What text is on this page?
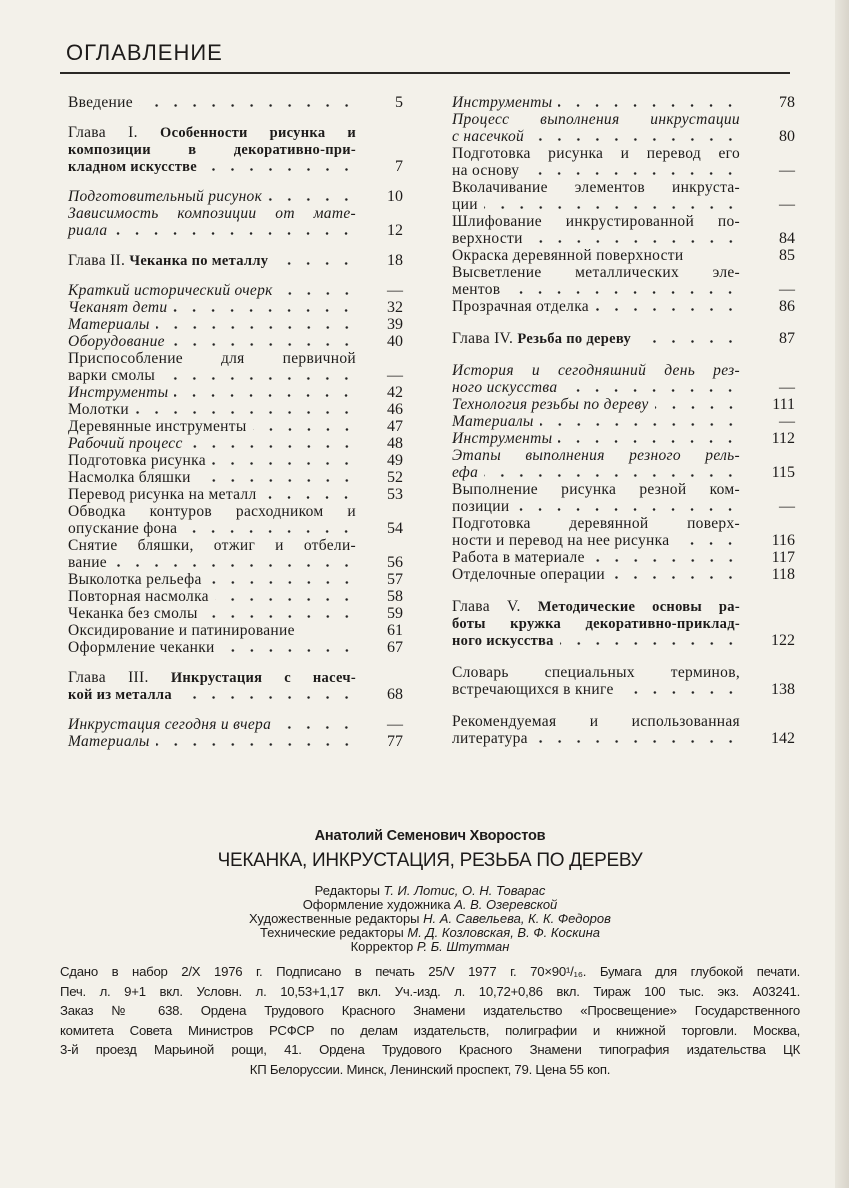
ОГЛАВЛЕНИЕ
Введение	5
Глава I. Особенности рисунка и
композиции в декоративно-при-
кладном искусстве	7
Подготовительный рисунок	10
Зависимость композиции от мате-
риала	12
Глава II. Чеканка по металлу	18
Краткий исторический очерк	—
Чеканят дети	32
Материалы	39
Оборудование	40
Приспособление для первичной
варки смолы	—
Инструменты	42
Молотки	46
Деревянные инструменты	47
Рабочий процесс	48
Подготовка рисунка	49
Насмолка бляшки	52
Перевод рисунка на металл	53
Обводка контуров расходником и
опускание фона	54
Снятие бляшки, отжиг и отбели-
вание	56
Выколотка рельефа	57
Повторная насмолка	58
Чеканка без смолы	59
Оксидирование и патинирование	61
Оформление чеканки	67
Глава III. Инкрустация с насеч-
кой из металла	68
Инкрустация сегодня и вчера	—
Материалы	77
Инструменты	78
Процесс выполнения инкрустации
с насечкой	80
Подготовка рисунка и перевод его
на основу	—
Вколачивание элементов инкруста-
ции	—
Шлифование инкрустированной по-
верхности	84
Окраска деревянной поверхности	85
Высветление металлических эле-
ментов	—
Прозрачная отделка	86
Глава IV. Резьба по дереву	87
История и сегодняшний день рез-
ного искусства	—
Технология резьбы по дереву	111
Материалы	—
Инструменты	112
Этапы выполнения резного рель-
ефа	115
Выполнение рисунка резной ком-
позиции	—
Подготовка деревянной поверх-
ности и перевод на нее рисунка	116
Работа в материале	117
Отделочные операции	118
Глава V. Методические основы ра-
боты кружка декоративно-приклад-
ного искусства	122
Словарь специальных терминов,
встречающихся в книге	138
Рекомендуемая и использованная
литература	142
Анатолий Семенович Хворостов
ЧЕКАНКА, ИНКРУСТАЦИЯ, РЕЗЬБА ПО ДЕРЕВУ
Редакторы Т. И. Лотис, О. Н. Товарас
Оформление художника А. В. Озеревской
Художественные редакторы Н. А. Савельева, К. К. Федоров
Технические редакторы М. Д. Козловская, В. Ф. Коскина
Корректор Р. Б. Штутман
Сдано в набор 2/X 1976 г. Подписано в печать 25/V 1977 г. 70×90¹/₁₆. Бумага для глубокой печати.
Печ. л. 9+1 вкл. Условн. л. 10,53+1,17 вкл. Уч.-изд. л. 10,72+0,86 вкл. Тираж 100 тыс. экз. А03241.
Заказ № 638. Ордена Трудового Красного Знамени издательство «Просвещение» Государственного
комитета Совета Министров РСФСР по делам издательств, полиграфии и книжной торговли. Москва,
3-й проезд Марьиной рощи, 41. Ордена Трудового Красного Знамени типография издательства ЦК
КП Белоруссии. Минск, Ленинский проспект, 79. Цена 55 коп.
